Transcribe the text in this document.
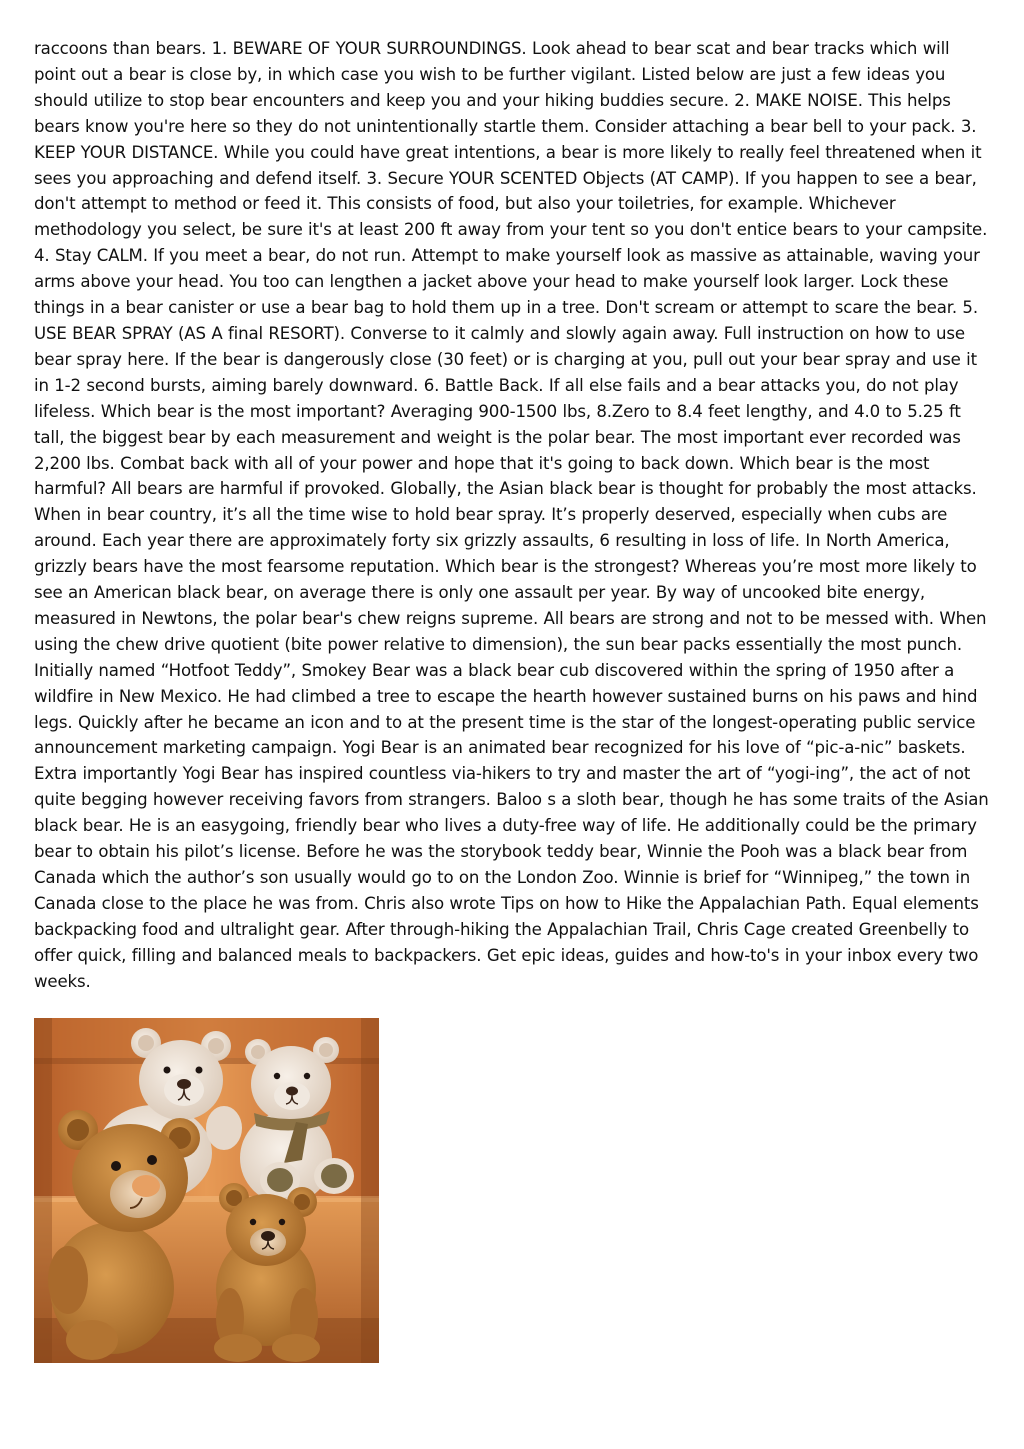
raccoons than bears. 1. BEWARE OF YOUR SURROUNDINGS. Look ahead to bear scat and bear tracks which will point out a bear is close by, in which case you wish to be further vigilant. Listed below are just a few ideas you should utilize to stop bear encounters and keep you and your hiking buddies secure. 2. MAKE NOISE. This helps bears know you're here so they do not unintentionally startle them. Consider attaching a bear bell to your pack. 3. KEEP YOUR DISTANCE. While you could have great intentions, a bear is more likely to really feel threatened when it sees you approaching and defend itself. 3. Secure YOUR SCENTED Objects (AT CAMP). If you happen to see a bear, don't attempt to method or feed it. This consists of food, but also your toiletries, for example. Whichever methodology you select, be sure it's at least 200 ft away from your tent so you don't entice bears to your campsite. 4. Stay CALM. If you meet a bear, do not run. Attempt to make yourself look as massive as attainable, waving your arms above your head. You too can lengthen a jacket above your head to make yourself look larger. Lock these things in a bear canister or use a bear bag to hold them up in a tree. Don't scream or attempt to scare the bear. 5. USE BEAR SPRAY (AS A final RESORT). Converse to it calmly and slowly again away. Full instruction on how to use bear spray here. If the bear is dangerously close (30 feet) or is charging at you, pull out your bear spray and use it in 1-2 second bursts, aiming barely downward. 6. Battle Back. If all else fails and a bear attacks you, do not play lifeless. Which bear is the most important? Averaging 900-1500 lbs, 8.Zero to 8.4 feet lengthy, and 4.0 to 5.25 ft tall, the biggest bear by each measurement and weight is the polar bear. The most important ever recorded was 2,200 lbs. Combat back with all of your power and hope that it's going to back down. Which bear is the most harmful? All bears are harmful if provoked. Globally, the Asian black bear is thought for probably the most attacks. When in bear country, it’s all the time wise to hold bear spray. It’s properly deserved, especially when cubs are around. Each year there are approximately forty six grizzly assaults, 6 resulting in loss of life. In North America, grizzly bears have the most fearsome reputation. Which bear is the strongest? Whereas you’re most more likely to see an American black bear, on average there is only one assault per year. By way of uncooked bite energy, measured in Newtons, the polar bear's chew reigns supreme. All bears are strong and not to be messed with. When using the chew drive quotient (bite power relative to dimension), the sun bear packs essentially the most punch. Initially named “Hotfoot Teddy”, Smokey Bear was a black bear cub discovered within the spring of 1950 after a wildfire in New Mexico. He had climbed a tree to escape the hearth however sustained burns on his paws and hind legs. Quickly after he became an icon and to at the present time is the star of the longest-operating public service announcement marketing campaign. Yogi Bear is an animated bear recognized for his love of “pic-a-nic” baskets. Extra importantly Yogi Bear has inspired countless via-hikers to try and master the art of “yogi-ing”, the act of not quite begging however receiving favors from strangers. Baloo s a sloth bear, though he has some traits of the Asian black bear. He is an easygoing, friendly bear who lives a duty-free way of life. He additionally could be the primary bear to obtain his pilot’s license. Before he was the storybook teddy bear, Winnie the Pooh was a black bear from Canada which the author’s son usually would go to on the London Zoo. Winnie is brief for “Winnipeg,” the town in Canada close to the place he was from. Chris also wrote Tips on how to Hike the Appalachian Path. Equal elements backpacking food and ultralight gear. After through-hiking the Appalachian Trail, Chris Cage created Greenbelly to offer quick, filling and balanced meals to backpackers. Get epic ideas, guides and how-to's in your inbox every two weeks.
